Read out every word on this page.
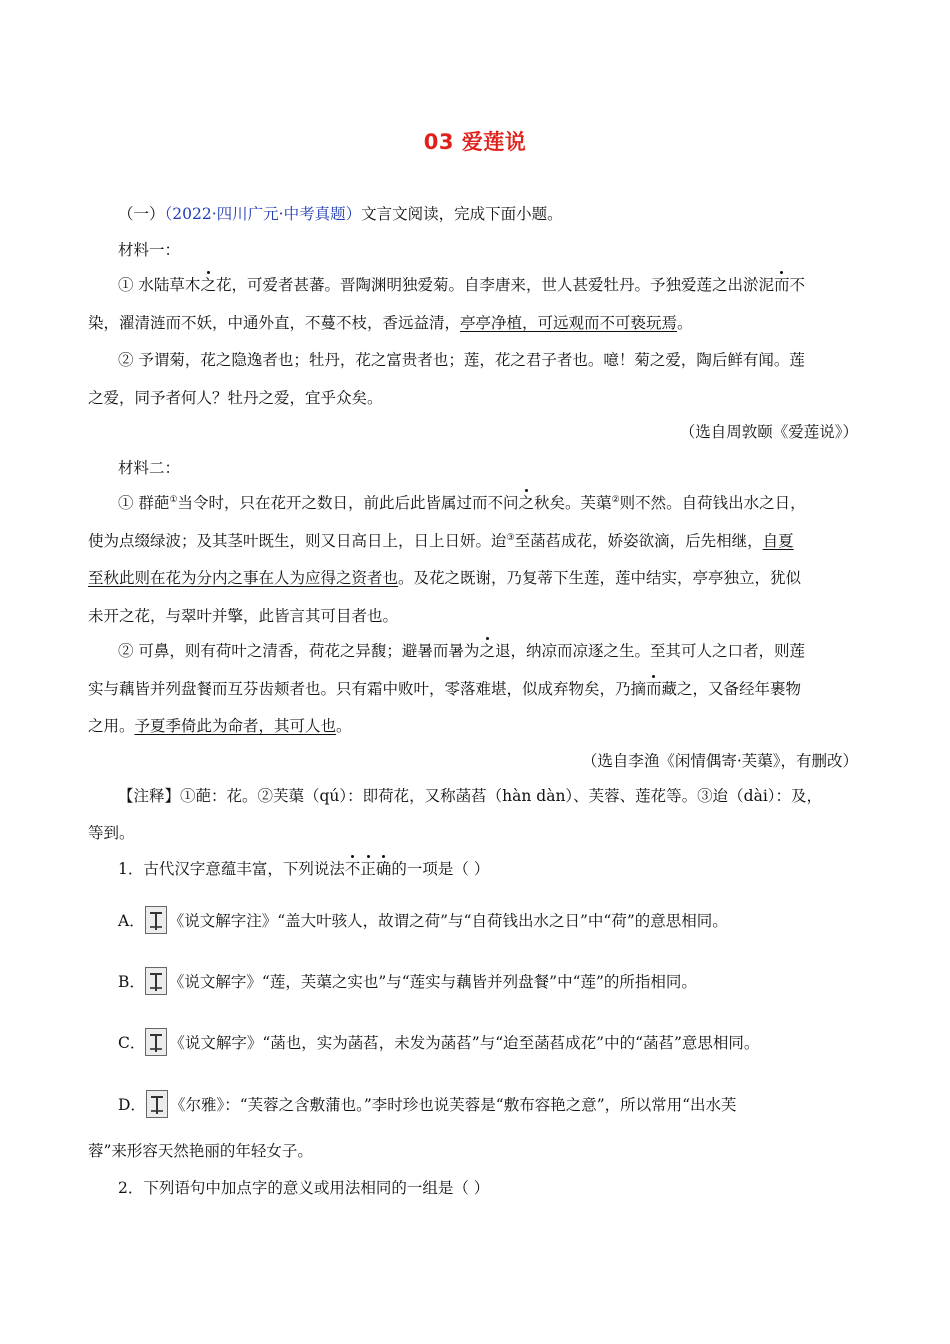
03 爱莲说
（一）（2022·四川广元·中考真题）文言文阅读，完成下面小题。
材料一：
① 水陆草木之花，可爱者甚蕃。晋陶渊明独爱菊。自李唐来，世人甚爱牡丹。予独爱莲之出淤泥而不
染，濯清涟而不妖，中通外直，不蔓不枝，香远益清，亭亭净植，可远观而不可亵玩焉。
② 予谓菊，花之隐逸者也；牡丹，花之富贵者也；莲，花之君子者也。噫！菊之爱，陶后鲜有闻。莲
之爱，同予者何人？牡丹之爱，宜乎众矣。
（选自周敦颐《爱莲说》）
材料二：
① 群葩①当令时，只在花开之数日，前此后此皆属过而不问之秋矣。芙蕖②则不然。自荷钱出水之日，
使为点缀绿波；及其茎叶既生，则又日高日上，日上日妍。迨③至菡萏成花，娇姿欲滴，后先相继，自夏
至秋此则在花为分内之事在人为应得之资者也。及花之既谢，乃复蒂下生莲，莲中结实，亭亭独立，犹似
未开之花，与翠叶并擎，此皆言其可目者也。
② 可鼻，则有荷叶之清香，荷花之异馥；避暑而暑为之退，纳凉而凉逐之生。至其可人之口者，则莲
实与藕皆并列盘餐而互芬齿颊者也。只有霜中败叶，零落难堪，似成弃物矣，乃摘而藏之，又备经年裹物
之用。予夏季倚此为命者，其可人也。
（选自李渔《闲情偶寄·芙蕖》，有删改）
【注释】①葩：花。②芙蕖（qú）：即荷花，又称菡萏（hàn dàn）、芙蓉、莲花等。③迨（dài）：及，
等到。
1．古代汉字意蕴丰富，下列说法不正确的一项是（ ）
A． 《说文解字注》“盖大叶骇人，故谓之荷”与“自荷钱出水之日”中“荷”的意思相同。
B． 《说文解字》“莲，芙蕖之实也”与“莲实与藕皆并列盘餐”中“莲”的所指相同。
C． 《说文解字》“菡也，实为菡萏，未发为菡萏”与“迨至菡萏成花”中的“菡萏”意思相同。
D． 《尔雅》：“芙蓉之含敷蒲也。”李时珍也说芙蓉是“敷布容艳之意”，所以常用“出水芙
蓉”来形容天然艳丽的年轻女子。
2．下列语句中加点字的意义或用法相同的一组是（ ）
